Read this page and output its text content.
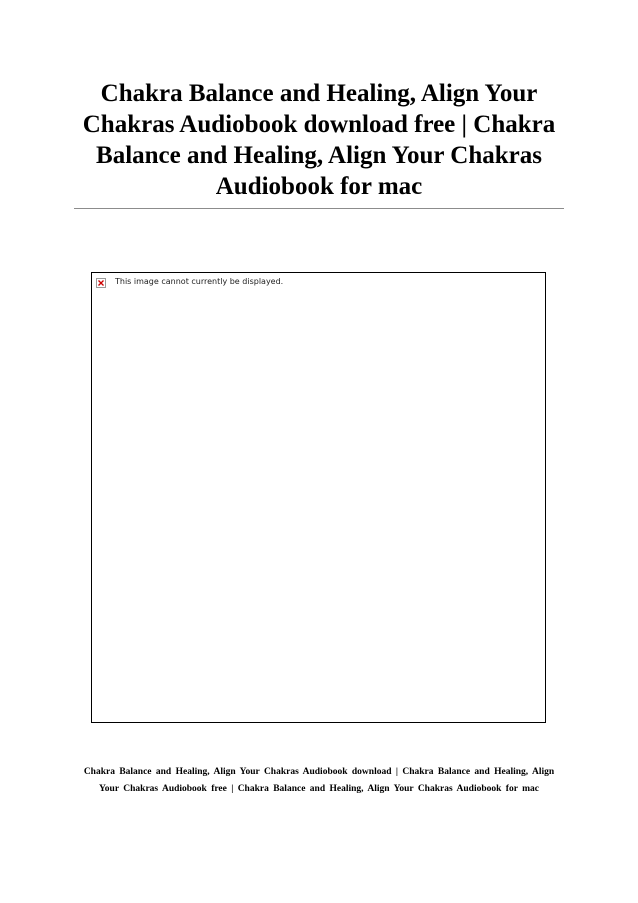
Chakra Balance and Healing, Align Your Chakras Audiobook download free | Chakra Balance and Healing, Align Your Chakras Audiobook for mac
This image cannot currently be displayed.

Chakra Balance and Healing, Align Your Chakras Audiobook download | Chakra Balance and Healing, Align Your Chakras Audiobook free | Chakra Balance and Healing, Align Your Chakras Audiobook for mac
